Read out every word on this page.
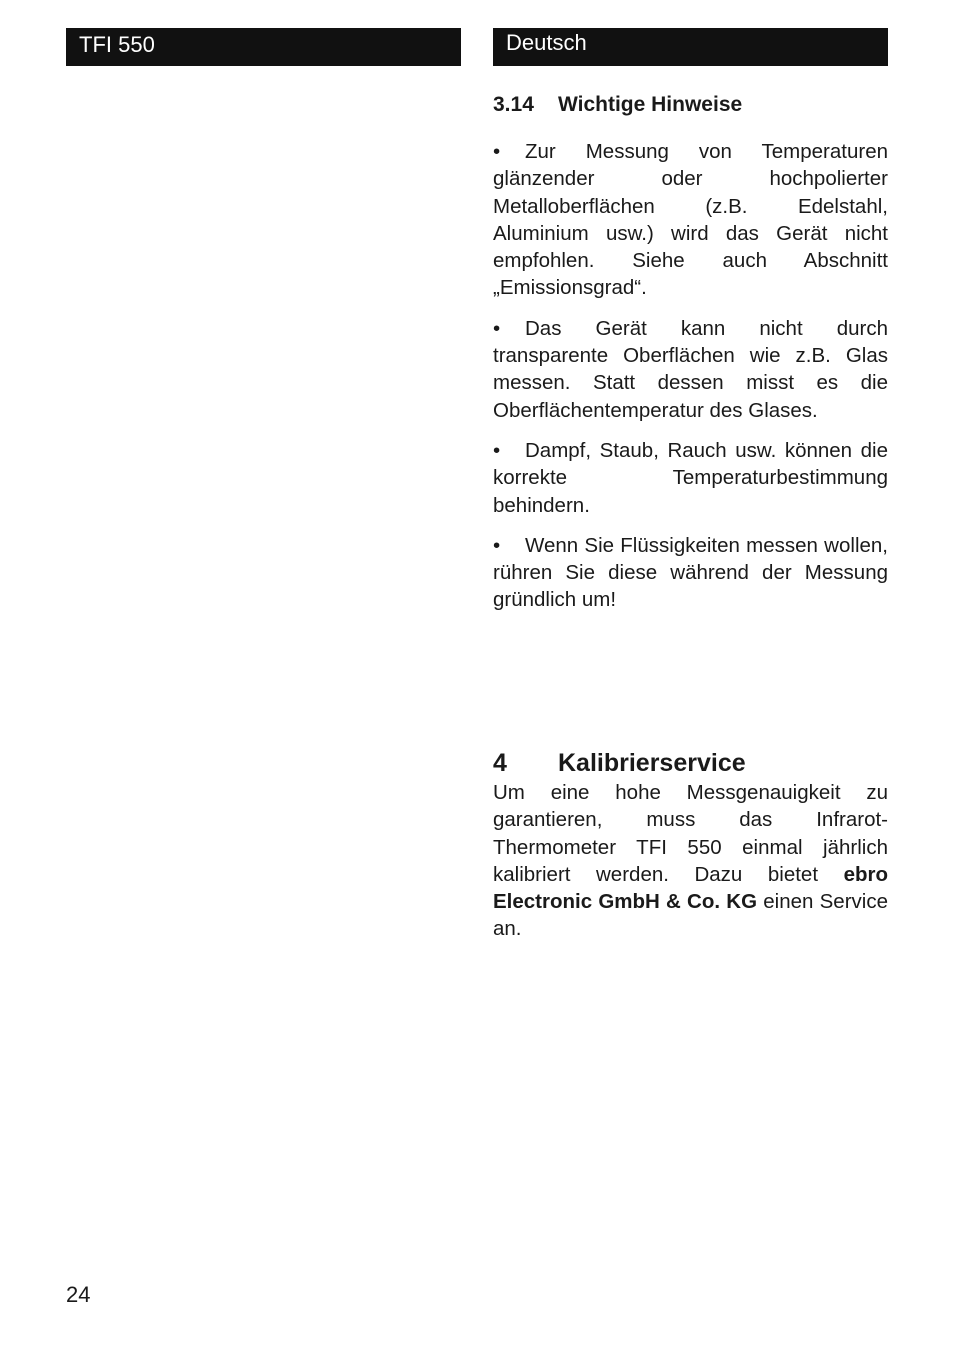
TFI 550	Deutsch
3.14 Wichtige Hinweise

• Zur Messung von Temperaturen glänzender oder hochpolierter Metalloberflächen (z.B. Edelstahl, Aluminium usw.) wird das Gerät nicht empfohlen. Siehe auch Abschnitt „Emissionsgrad“.

• Das Gerät kann nicht durch transparente Oberflächen wie z.B. Glas messen. Statt dessen misst es die Oberflächentemperatur des Glases.

• Dampf, Staub, Rauch usw. können die korrekte Temperaturbestimmung behindern.

• Wenn Sie Flüssigkeiten messen wollen, rühren Sie diese während der Messung gründlich um!

4 Kalibrierservice
Um eine hohe Messgenauigkeit zu garantieren, muss das Infrarot-Thermometer TFI 550 einmal jährlich kalibriert werden. Dazu bietet ebro Electronic GmbH & Co. KG einen Service an.
24
